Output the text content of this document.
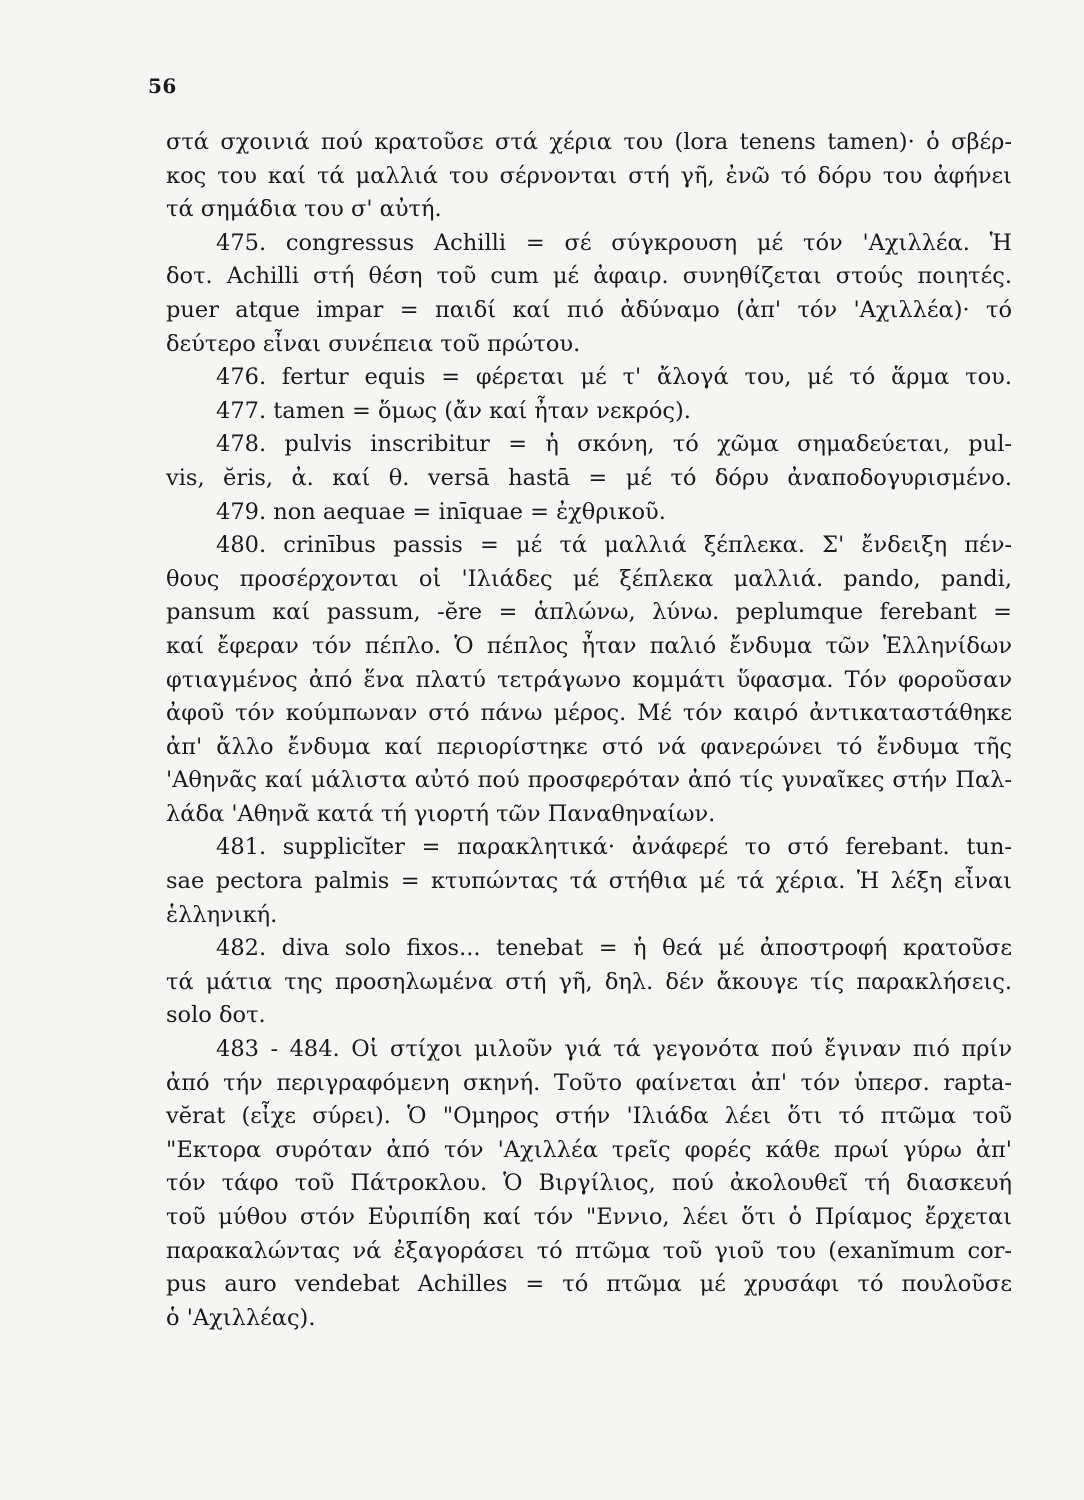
56
στά σχοινιά πού κρατοῦσε στά χέρια του (lora tenens tamen)· ὁ σβέρ-
κος του καί τά μαλλιά του σέρνονται στή γῆ, ἐνῶ τό δόρυ του ἀφήνει
τά σημάδια του σ' αὐτή.
475. congressus Achilli = σέ σύγκρουση μέ τόν 'Αχιλλέα. Ἡ
δοτ. Achilli στή θέση τοῦ cum μέ ἀφαιρ. συνηθίζεται στούς ποιητές.
puer atque impar = παιδί καί πιό ἀδύναμο (ἀπ' τόν 'Αχιλλέα)· τό
δεύτερο εἶναι συνέπεια τοῦ πρώτου.
476. fertur equis = φέρεται μέ τ' ἄλογά του, μέ τό ἅρμα του.
477. tamen = ὅμως (ἄν καί ἦταν νεκρός).
478. pulvis inscribitur = ἡ σκόνη, τό χῶμα σημαδεύεται, pul-
vis, ĕris, ἀ. καί θ. versā hastā = μέ τό δόρυ ἀναποδογυρισμένο.
479. non aequae = inīquae = ἐχθρικοῦ.
480. crinībus passis = μέ τά μαλλιά ξέπλεκα. Σ' ἔνδειξη πέν-
θους προσέρχονται οἱ 'Ιλιάδες μέ ξέπλεκα μαλλιά. pando, pandi,
pansum καί passum, -ĕre = ἁπλώνω, λύνω. peplumque ferebant =
καί ἔφεραν τόν πέπλο. Ὁ πέπλος ἦταν παλιό ἔνδυμα τῶν Ἑλληνίδων
φτιαγμένος ἀπό ἕνα πλατύ τετράγωνο κομμάτι ὕφασμα. Τόν φοροῦσαν
ἀφοῦ τόν κούμπωναν στό πάνω μέρος. Μέ τόν καιρό ἀντικαταστάθηκε
ἀπ' ἄλλο ἔνδυμα καί περιορίστηκε στό νά φανερώνει τό ἔνδυμα τῆς
'Αθηνᾶς καί μάλιστα αὐτό πού προσφερόταν ἀπό τίς γυναῖκες στήν Παλ-
λάδα 'Αθηνᾶ κατά τή γιορτή τῶν Παναθηναίων.
481. supplicĭter = παρακλητικά· ἀνάφερέ το στό ferebant. tun-
sae pectora palmis = κτυπώντας τά στήθια μέ τά χέρια. Ἡ λέξη εἶναι
ἑλληνική.
482. diva solo fixos... tenebat = ἡ θεά μέ ἀποστροφή κρατοῦσε
τά μάτια της προσηλωμένα στή γῆ, δηλ. δέν ἄκουγε τίς παρακλήσεις.
solo δοτ.
483 - 484. Οἱ στίχοι μιλοῦν γιά τά γεγονότα πού ἔγιναν πιό πρίν
ἀπό τήν περιγραφόμενη σκηνή. Τοῦτο φαίνεται ἀπ' τόν ὑπερσ. rapta-
vĕrat (εἶχε σύρει). Ὁ "Ομηρος στήν 'Ιλιάδα λέει ὅτι τό πτῶμα τοῦ
"Εκτορα συρόταν ἀπό τόν 'Αχιλλέα τρεῖς φορές κάθε πρωί γύρω ἀπ'
τόν τάφο τοῦ Πάτροκλου. Ὁ Βιργίλιος, πού ἀκολουθεῖ τή διασκευή
τοῦ μύθου στόν Εὐριπίδη καί τόν "Εννιο, λέει ὅτι ὁ Πρίαμος ἔρχεται
παρακαλώντας νά ἐξαγοράσει τό πτῶμα τοῦ γιοῦ του (exanĭmum cor-
pus auro vendebat Achilles = τό πτῶμα μέ χρυσάφι τό πουλοῦσε
ὁ 'Αχιλλέας).
